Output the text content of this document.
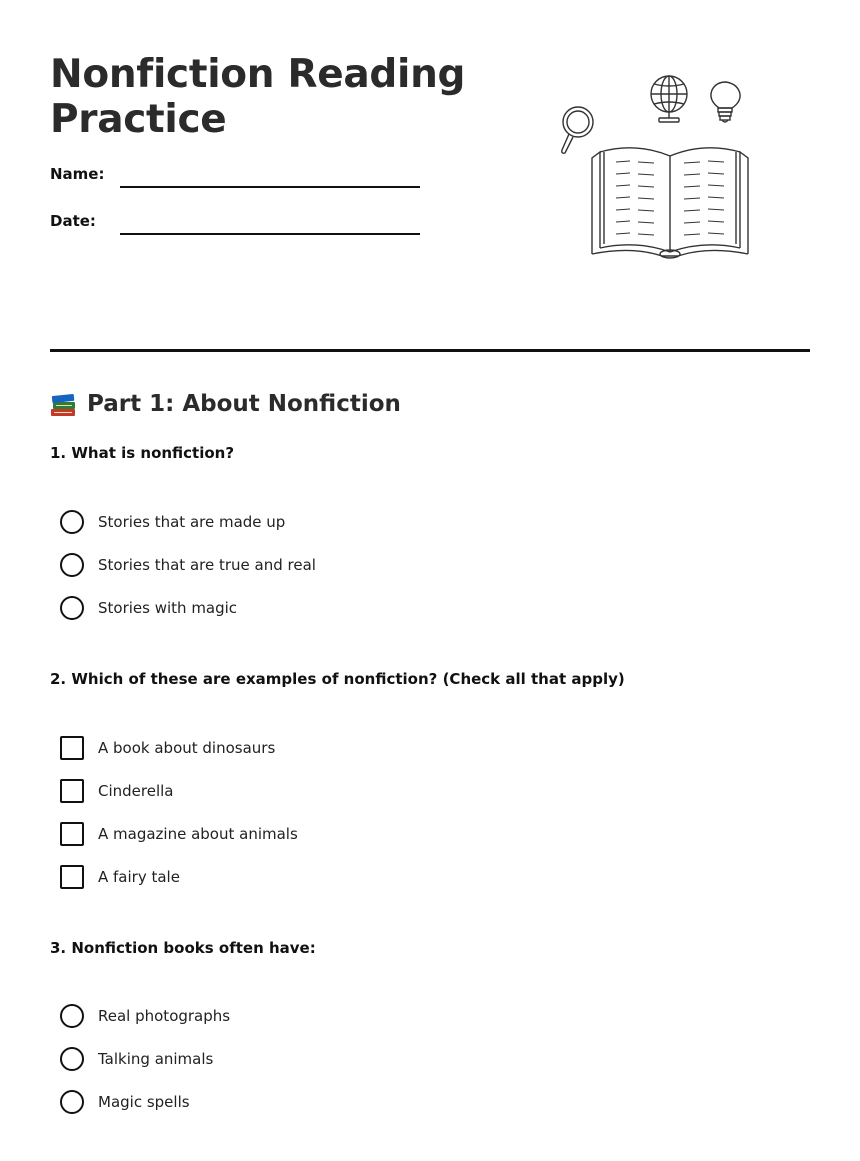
Nonfiction Reading Practice
Name:
Date:
Part 1: About Nonfiction
1. What is nonfiction?
Stories that are made up
Stories that are true and real
Stories with magic
2. Which of these are examples of nonfiction? (Check all that apply)
A book about dinosaurs
Cinderella
A magazine about animals
A fairy tale
3. Nonfiction books often have:
Real photographs
Talking animals
Magic spells
